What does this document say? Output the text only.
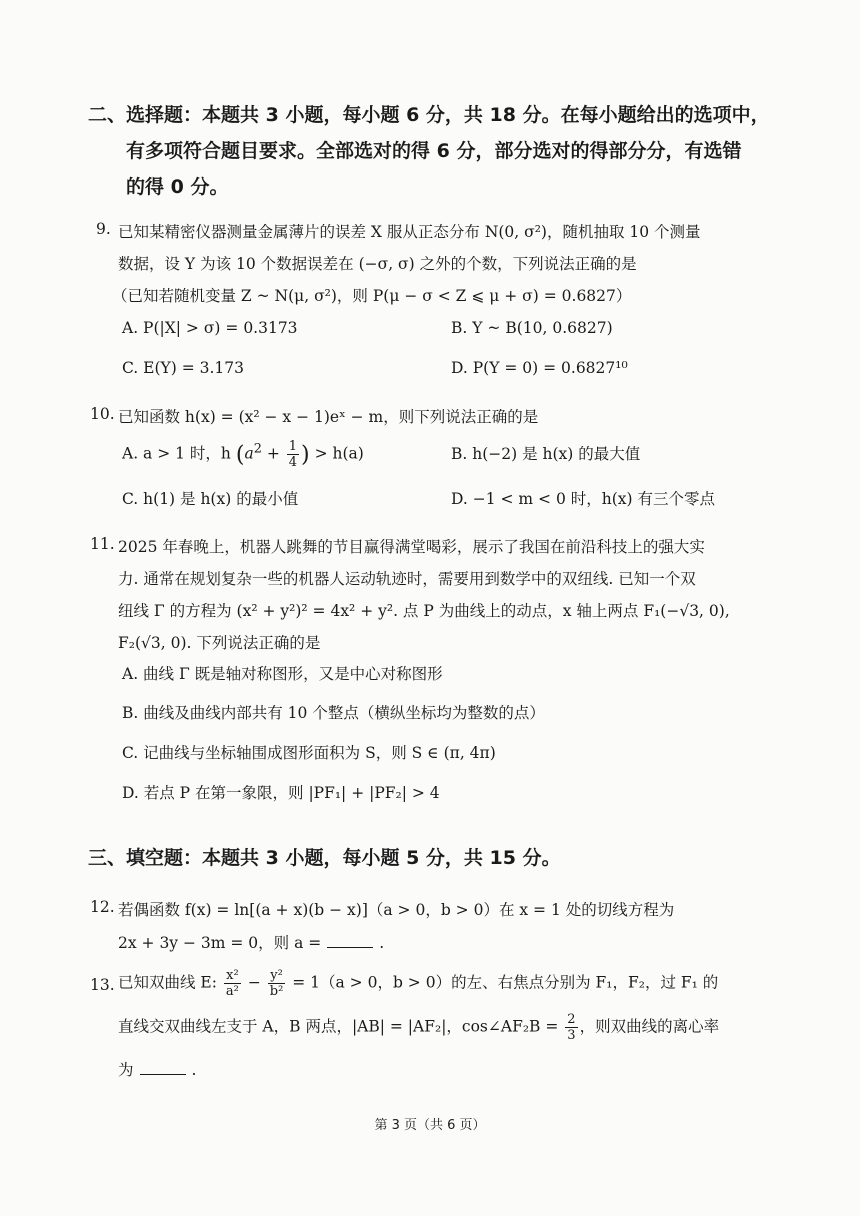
二、选择题：本题共 3 小题，每小题 6 分，共 18 分。在每小题给出的选项中，
有多项符合题目要求。全部选对的得 6 分，部分选对的得部分分，有选错
的得 0 分。
9. 已知某精密仪器测量金属薄片的误差 X 服从正态分布 N(0, σ²)，随机抽取 10 个测量
数据，设 Y 为该 10 个数据误差在 (−σ, σ) 之外的个数，下列说法正确的是
（已知若随机变量 Z ~ N(μ, σ²)，则 P(μ − σ < Z ⩽ μ + σ) = 0.6827）
A. P(|X| > σ) = 0.3173	B. Y ~ B(10, 0.6827)
C. E(Y) = 3.173	D. P(Y = 0) = 0.6827¹⁰
10. 已知函数 h(x) = (x² − x − 1)eˣ − m，则下列说法正确的是
A. a > 1 时，h ($a^2 + \frac{1}{4}$ ) > h(a)	B. h(−2) 是 h(x) 的最大值
C. h(1) 是 h(x) 的最小值	D. −1 < m < 0 时，h(x) 有三个零点
11. 2025 年春晚上，机器人跳舞的节目赢得满堂喝彩，展示了我国在前沿科技上的强大实
力. 通常在规划复杂一些的机器人运动轨迹时，需要用到数学中的双纽线. 已知一个双
纽线 Γ 的方程为 (x² + y²)² = 4x² + y². 点 P 为曲线上的动点，x 轴上两点 F₁(−√3, 0),
F₂(√3, 0). 下列说法正确的是
A. 曲线 Γ 既是轴对称图形，又是中心对称图形
B. 曲线及曲线内部共有 10 个整点（横纵坐标均为整数的点）
C. 记曲线与坐标轴围成图形面积为 S，则 S ∈ (π, 4π)
D. 若点 P 在第一象限，则 |PF₁| + |PF₂| > 4
三、填空题：本题共 3 小题，每小题 5 分，共 15 分。
12. 若偶函数 f(x) = ln[(a + x)(b − x)]（a > 0，b > 0）在 x = 1 处的切线方程为
2x + 3y − 3m = 0，则 a =	.
13. 已知双曲线 E: $\frac{\text{x²}}{\text{a²}} - \frac{\text{y²}}{\text{b²}} = 1(a > 0$，b > 0）的左、右焦点分别为 F₁，F₂，过 F₁ 的
直线交双曲线左支于 A，B 两点，|AB| = |AF₂|，cos∠AF₂B = $\frac{2}{3}$ ，则双曲线的离心率
为	.
第 3 页（共 6 页）
